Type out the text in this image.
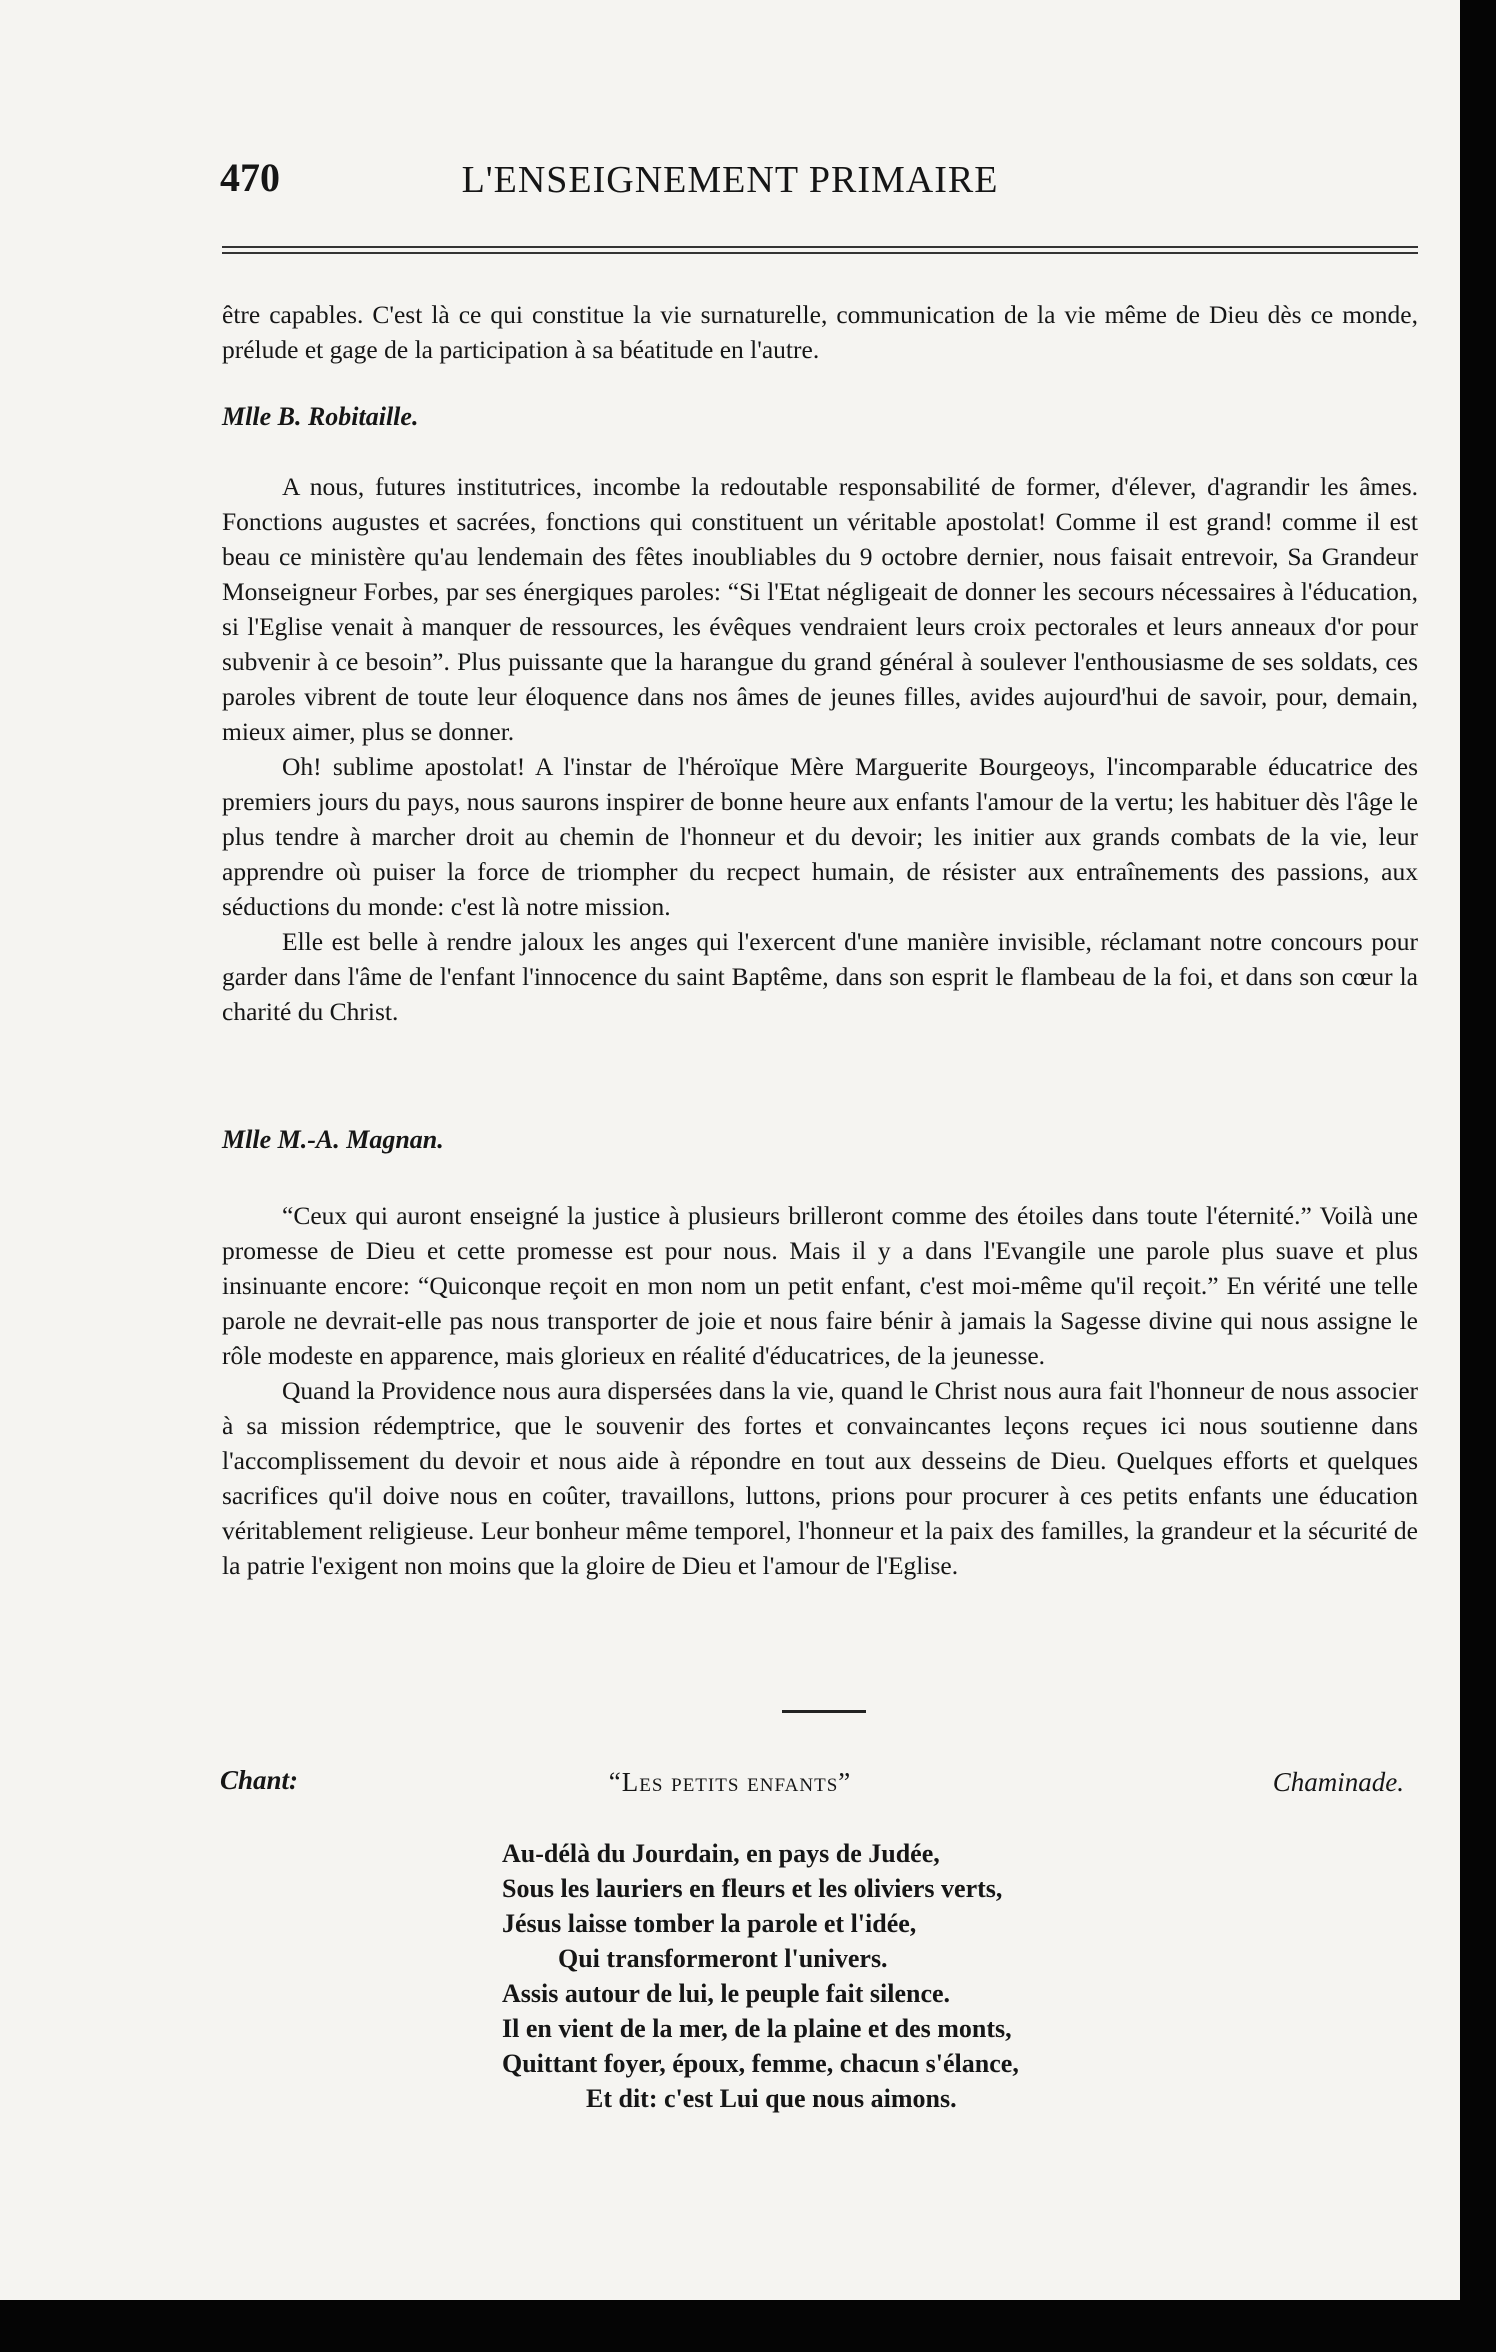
470	L'ENSEIGNEMENT PRIMAIRE

être capables. C'est là ce qui constitue la vie surnaturelle, communication de la vie même de Dieu dès ce monde, prélude et gage de la participation à sa béatitude en l'autre.

Mlle B. Robitaille.

A nous, futures institutrices, incombe la redoutable responsabilité de former, d'élever, d'agrandir les âmes. Fonctions augustes et sacrées, fonctions qui constituent un véritable apostolat! Comme il est grand! comme il est beau ce ministère qu'au lendemain des fêtes inoubliables du 9 octobre dernier, nous faisait entrevoir, Sa Grandeur Monseigneur Forbes, par ses énergiques paroles: “Si l'Etat négligeait de donner les secours nécessaires à l'éducation, si l'Eglise venait à manquer de ressources, les évêques vendraient leurs croix pectorales et leurs anneaux d'or pour subvenir à ce besoin”. Plus puissante que la harangue du grand général à soulever l'enthousiasme de ses soldats, ces paroles vibrent de toute leur éloquence dans nos âmes de jeunes filles, avides aujourd'hui de savoir, pour, demain, mieux aimer, plus se donner.

Oh! sublime apostolat! A l'instar de l'héroïque Mère Marguerite Bourgeoys, l'incomparable éducatrice des premiers jours du pays, nous saurons inspirer de bonne heure aux enfants l'amour de la vertu; les habituer dès l'âge le plus tendre à marcher droit au chemin de l'honneur et du devoir; les initier aux grands combats de la vie, leur apprendre où puiser la force de triompher du recpect humain, de résister aux entraînements des passions, aux séductions du monde: c'est là notre mission.

Elle est belle à rendre jaloux les anges qui l'exercent d'une manière invisible, réclamant notre concours pour garder dans l'âme de l'enfant l'innocence du saint Baptême, dans son esprit le flambeau de la foi, et dans son cœur la charité du Christ.

Mlle M.-A. Magnan.

“Ceux qui auront enseigné la justice à plusieurs brilleront comme des étoiles dans toute l'éternité.” Voilà une promesse de Dieu et cette promesse est pour nous. Mais il y a dans l'Evangile une parole plus suave et plus insinuante encore: “Quiconque reçoit en mon nom un petit enfant, c'est moi-même qu'il reçoit.” En vérité une telle parole ne devrait-elle pas nous transporter de joie et nous faire bénir à jamais la Sagesse divine qui nous assigne le rôle modeste en apparence, mais glorieux en réalité d'éducatrices, de la jeunesse.

Quand la Providence nous aura dispersées dans la vie, quand le Christ nous aura fait l'honneur de nous associer à sa mission rédemptrice, que le souvenir des fortes et convaincantes leçons reçues ici nous soutienne dans l'accomplissement du devoir et nous aide à répondre en tout aux desseins de Dieu. Quelques efforts et quelques sacrifices qu'il doive nous en coûter, travaillons, luttons, prions pour procurer à ces petits enfants une éducation véritablement religieuse. Leur bonheur même temporel, l'honneur et la paix des familles, la grandeur et la sécurité de la patrie l'exigent non moins que la gloire de Dieu et l'amour de l'Eglise.

Chant:	“Les petits enfants”	Chaminade.
Au-délà du Jourdain, en pays de Judée,
Sous les lauriers en fleurs et les oliviers verts,
Jésus laisse tomber la parole et l'idée,
Qui transformeront l'univers.
Assis autour de lui, le peuple fait silence.
Il en vient de la mer, de la plaine et des monts,
Quittant foyer, époux, femme, chacun s'élance,
Et dit: c'est Lui que nous aimons.
